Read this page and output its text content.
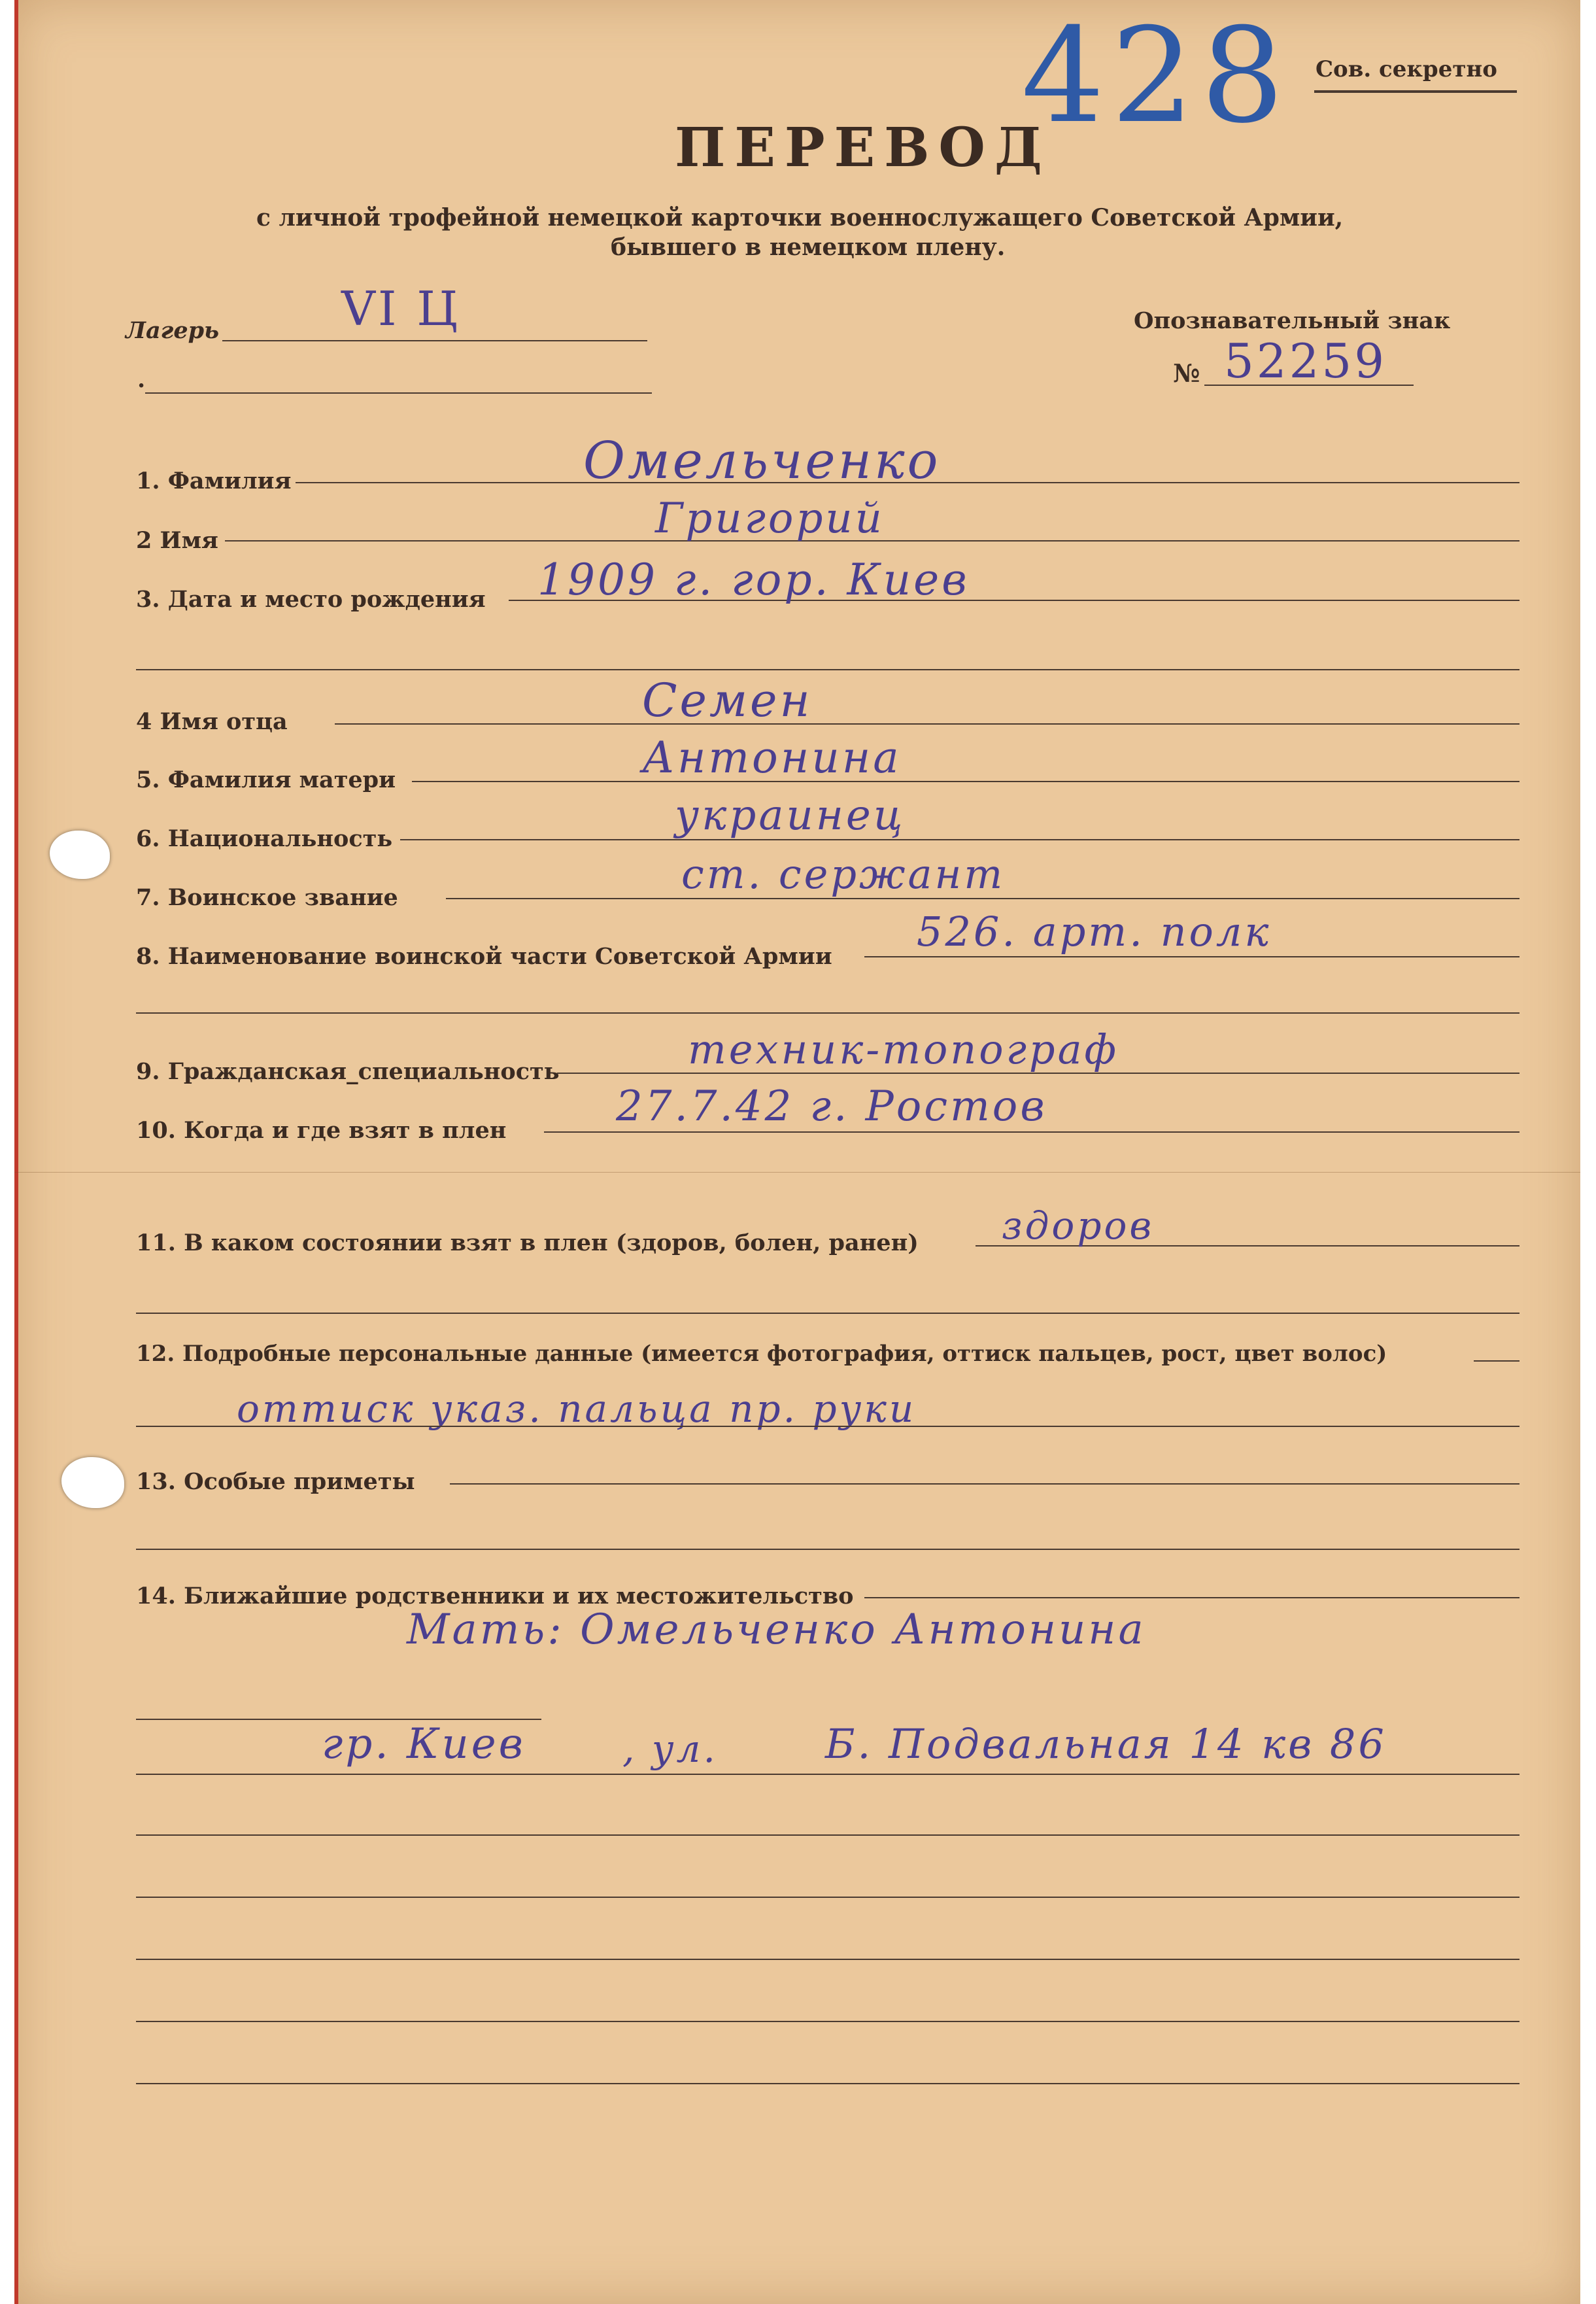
Сов. секретно
428
ПЕРЕВОД
с личной трофейной немецкой карточки военнослужащего Советской Армии,
бывшего в немецком плену.
Лагерь	VI Ц
.
Опознавательный знак
№ 52259
1. Фамилия	Омельченко
2 Имя	Григорий
3. Дата и место рождения 1909 г. гор. Киев
4 Имя отца	Семен
5. Фамилия матери	Антонина
6. Национальность	украинец
7. Воинское звание	ст. сержант
8. Наименование воинской части Советской Армии
526. арт. полк
9. Гражданская_специальность	техник-топограф
10. Когда и где взят в плен	27.7.42 г. Ростов
11. В каком состоянии взят в плен (здоров, болен, ранен) здоров
12. Подробные персональные данные (имеется фотография, оттиск пальцев, рост, цвет волос)
оттиск указ. пальца пр. руки
13. Особые приметы
14. Ближайшие родственники и их местожительство
Мать: Омельченко Антонина
гр. Киев	, ул.	Б. Подвальная 14 кв 86
